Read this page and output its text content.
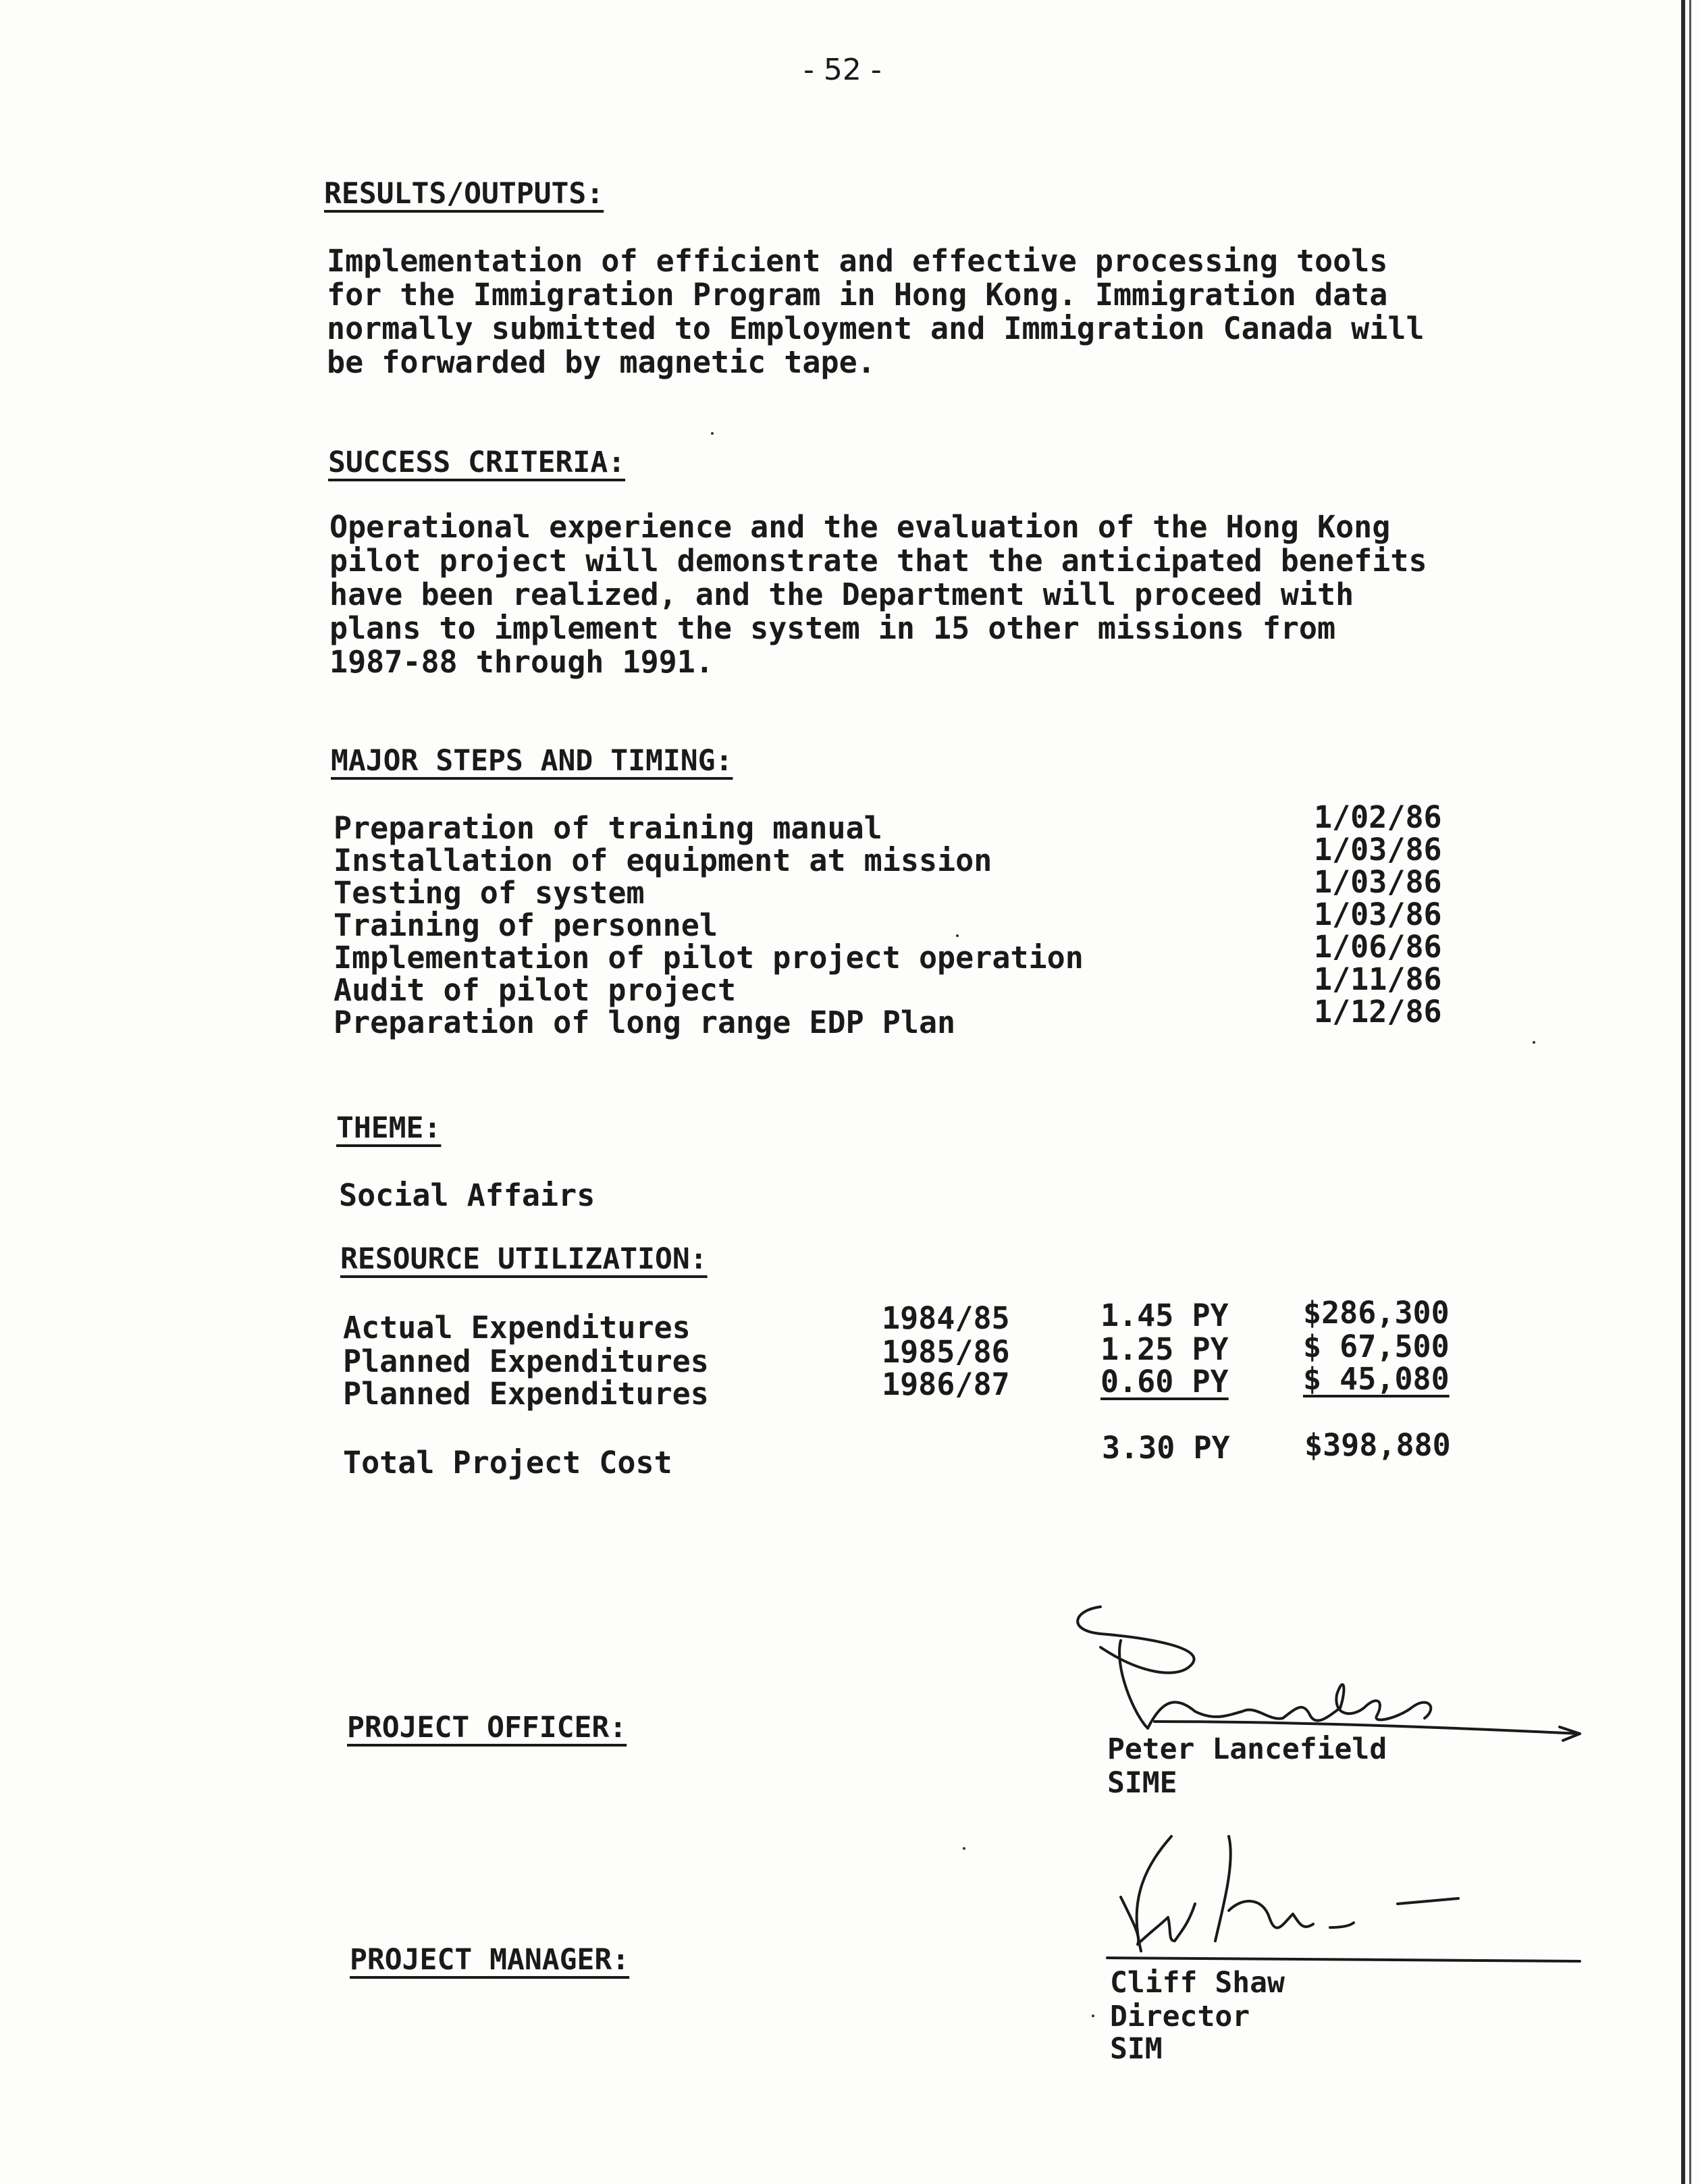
- 52 -
RESULTS/OUTPUTS:
Implementation of efficient and effective processing tools
for the Immigration Program in Hong Kong. Immigration data
normally submitted to Employment and Immigration Canada will
be forwarded by magnetic tape.
SUCCESS CRITERIA:
Operational experience and the evaluation of the Hong Kong
pilot project will demonstrate that the anticipated benefits
have been realized, and the Department will proceed with
plans to implement the system in 15 other missions from
1987-88 through 1991.
MAJOR STEPS AND TIMING:
Preparation of training manual	1/02/86
Installation of equipment at mission	1/03/86
Testing of system	1/03/86
Training of personnel	1/03/86
Implementation of pilot project operation	1/06/86
Audit of pilot project	1/11/86
Preparation of long range EDP Plan	1/12/86
THEME:
Social Affairs
RESOURCE UTILIZATION:
Actual Expenditures	1984/85	1.45 PY $286,300
Planned Expenditures	1985/86	1.25 PY $ 67,500
Planned Expenditures	1986/87	0.60 PY $ 45,080
Total Project Cost	3.30 PY $398,880
PROJECT OFFICER:
Peter Lancefield
SIME
PROJECT MANAGER:
Cliff Shaw
Director
SIM
